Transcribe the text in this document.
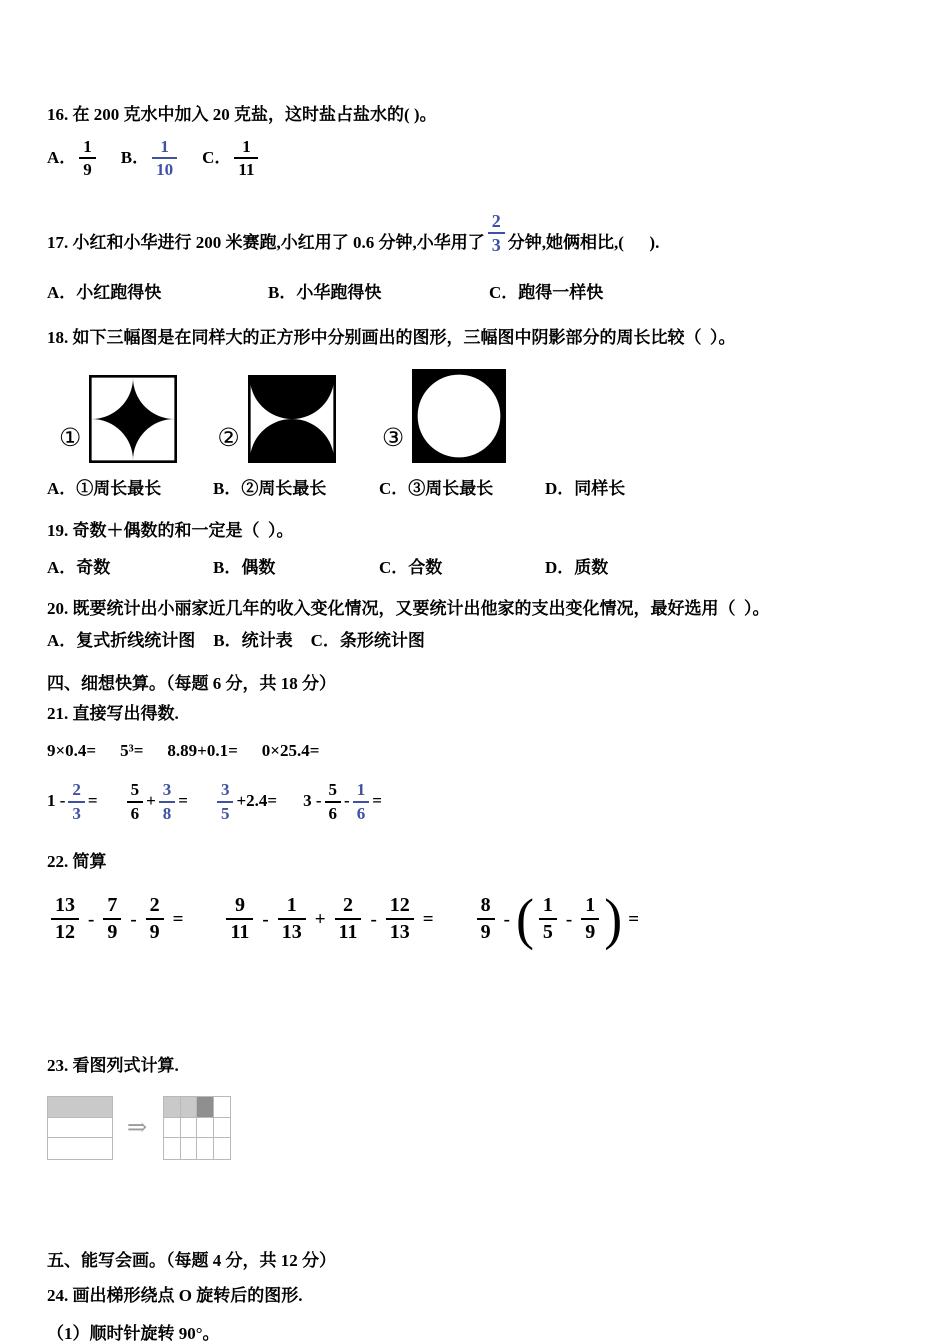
16. 在 200 克水中加入 20 克盐，这时盐占盐水的( )。

A． $\frac{1}{9}$ B． $\frac{1}{10}$ C． $\frac{1}{11}$
17. 小红和小华进行 200 米赛跑,小红用了 0.6 分钟,小华用了 $\frac{2}{3}$ 分钟,她俩相比,(      ).
A．小红跑得快	B．小华跑得快	C．跑得一样快

18. 如下三幅图是在同样大的正方形中分别画出的图形，三幅图中阴影部分的周长比较（  ）。

①	②	③
A．①周长最长	B．②周长最长	C．③周长最长	D．同样长

19. 奇数＋偶数的和一定是（  ）。

A．奇数	B．偶数	C．合数	D．质数

20. 既要统计出小丽家近几年的收入变化情况，又要统计出他家的支出变化情况，最好选用（  ）。

A．复式折线统计图 B．统计表 C．条形统计图

四、细想快算。（每题 6 分，共 18 分）

21. 直接写出得数.

9×0.4= 5³= 8.89+0.1= 0×25.4=
$1 - \frac{2}{3} = \frac{5}{6} + \frac{3}{8} = \frac{3}{5} +2.4= 3 - \frac{5}{6} - \frac{1}{6}$ =

22. 简算

$\frac{13}{12} - \frac{7}{9} - \frac{2}{9} = \frac{9}{11} - \frac{1}{13} + \frac{2}{11} - \frac{12}{13} = \frac{8}{9}$ - ( $\frac{1}{5} - \frac{1}{9}$ ) =

23. 看图列式计算.

⇒

五、能写会画。（每题 4 分，共 12 分）

24. 画出梯形绕点 O 旋转后的图形.

（1）顺时针旋转 90°。
